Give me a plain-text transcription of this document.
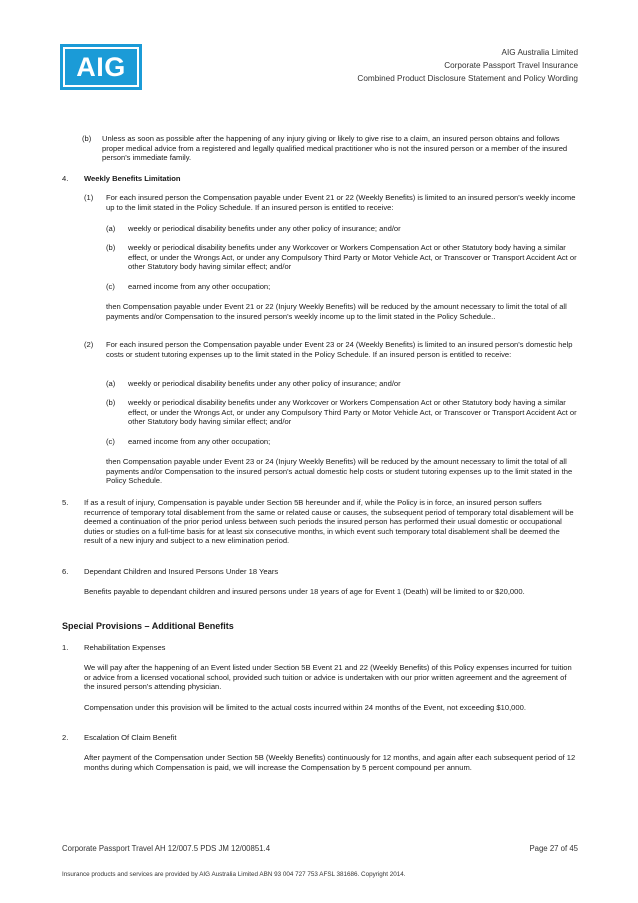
AIG	AIG Australia Limited
Corporate Passport Travel Insurance
Combined Product Disclosure Statement and Policy Wording
(b) Unless as soon as possible after the happening of any injury giving or likely to give rise to a claim, an insured person obtains and follows proper medical advice from a registered and legally qualified medical practitioner who is not the insured person or a member of the insured person's immediate family.
4. Weekly Benefits Limitation
(1) For each insured person the Compensation payable under Event 21 or 22 (Weekly Benefits) is limited to an insured person's weekly income up to the limit stated in the Policy Schedule. If an insured person is entitled to receive:
(a) weekly or periodical disability benefits under any other policy of insurance; and/or
(b) weekly or periodical disability benefits under any Workcover or Workers Compensation Act or other Statutory body having a similar effect, or under the Wrongs Act, or under any Compulsory Third Party or Motor Vehicle Act, or Transcover or Transport Accident Act or other Statutory body having similar effect; and/or
(c) earned income from any other occupation;
then Compensation payable under Event 21 or 22 (Injury Weekly Benefits) will be reduced by the amount necessary to limit the total of all payments and/or Compensation to the insured person's weekly income up to the limit stated in the Policy Schedule..
(2) For each insured person the Compensation payable under Event 23 or 24 (Weekly Benefits) is limited to an insured person's domestic help costs or student tutoring expenses up to the limit stated in the Policy Schedule. If an insured person is entitled to receive:
(a) weekly or periodical disability benefits under any other policy of insurance; and/or
(b) weekly or periodical disability benefits under any Workcover or Workers Compensation Act or other Statutory body having a similar effect, or under the Wrongs Act, or under any Compulsory Third Party or Motor Vehicle Act, or Transcover or Transport Accident Act or other Statutory body having similar effect; and/or
(c) earned income from any other occupation;
then Compensation payable under Event 23 or 24 (Injury Weekly Benefits) will be reduced by the amount necessary to limit the total of all payments and/or Compensation to the insured person's actual domestic help costs or student tutoring expenses up to the limit stated in the Policy Schedule.
5. If as a result of injury, Compensation is payable under Section 5B hereunder and if, while the Policy is in force, an insured person suffers recurrence of temporary total disablement from the same or related cause or causes, the subsequent period of temporary total disablement will be deemed a continuation of the prior period unless between such periods the insured person has performed their usual domestic or occupational duties or studies on a full-time basis for at least six consecutive months, in which event such temporary total disablement shall be deemed the result of a new injury and subject to a new elimination period.
6. Dependant Children and Insured Persons Under 18 Years
Benefits payable to dependant children and insured persons under 18 years of age for Event 1 (Death) will be limited to or $20,000.
Special Provisions – Additional Benefits
1. Rehabilitation Expenses
We will pay after the happening of an Event listed under Section 5B Event 21 and 22 (Weekly Benefits) of this Policy expenses incurred for tuition or advice from a licensed vocational school, provided such tuition or advice is undertaken with our prior written agreement and the agreement of the insured person's attending physician.
Compensation under this provision will be limited to the actual costs incurred within 24 months of the Event, not exceeding $10,000.
2. Escalation Of Claim Benefit
After payment of the Compensation under Section 5B (Weekly Benefits) continuously for 12 months, and again after each subsequent period of 12 months during which Compensation is paid, we will increase the Compensation by 5 percent compound per annum.
Corporate Passport Travel AH 12/007.5 PDS JM 12/00851.4	Page 27 of 45
Insurance products and services are provided by AIG Australia Limited ABN 93 004 727 753 AFSL 381686. Copyright 2014.
